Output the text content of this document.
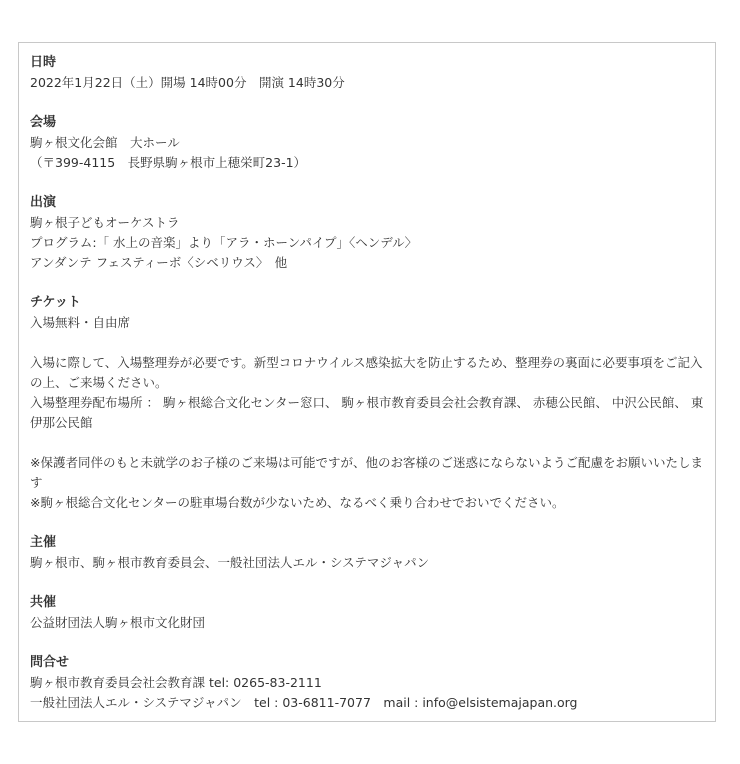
日時
2022年1月22日（土）開場 14時00分　開演 14時30分
会場
駒ヶ根文化会館　大ホール
（〒399-4115　長野県駒ヶ根市上穂栄町23-1）
出演
駒ヶ根子どもオーケストラ
プログラム:「 水上の音楽」より「アラ・ホーンパイプ」〈ヘンデル〉
アンダンテ フェスティーボ〈シベリウス〉　他
チケット
入場無料・自由席
入場に際して、入場整理券が必要です。新型コロナウイルス感染拡大を防止するため、整理券の裏面に必要事項をご記入の上、ご来場ください。
入場整理券配布場所 ： 駒ヶ根総合文化センター窓口、 駒ヶ根市教育委員会社会教育課、 赤穂公民館、 中沢公民館、 東伊那公民館
※保護者同伴のもと未就学のお子様のご来場は可能ですが、他のお客様のご迷惑にならないようご配慮をお願いいたします
※駒ヶ根総合文化センターの駐車場台数が少ないため、なるべく乗り合わせでおいでください。
主催
駒ヶ根市、駒ヶ根市教育委員会、一般社団法人エル・システマジャパン
共催
公益財団法人駒ヶ根市文化財団
問合せ
駒ヶ根市教育委員会社会教育課 tel: 0265-83-2111
一般社団法人エル・システマジャパン　tel : 03-6811-7077　mail : info@elsistemajapan.org
